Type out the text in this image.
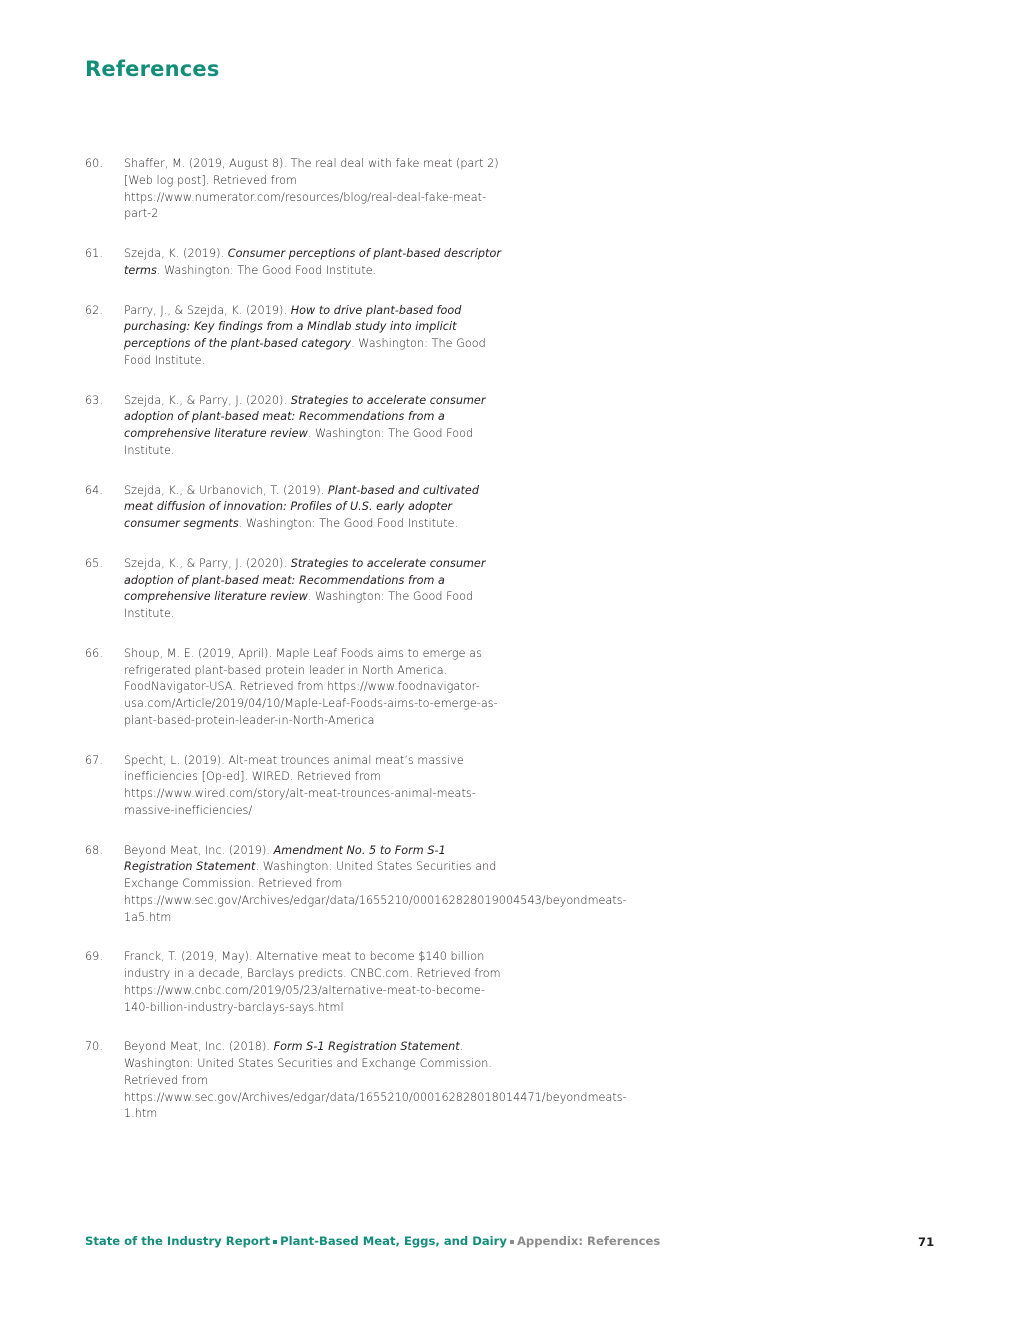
References
60. Shaffer, M. (2019, August 8). The real deal with fake meat (part 2) [Web log post]. Retrieved from https://www.numerator.com/resources/blog/real-deal-fake-meat-part-2
61. Szejda, K. (2019). Consumer perceptions of plant-based descriptor terms. Washington: The Good Food Institute.
62. Parry, J., & Szejda, K. (2019). How to drive plant-based food purchasing: Key findings from a Mindlab study into implicit perceptions of the plant-based category. Washington: The Good Food Institute.
63. Szejda, K., & Parry, J. (2020). Strategies to accelerate consumer adoption of plant-based meat: Recommendations from a comprehensive literature review. Washington: The Good Food Institute.
64. Szejda, K., & Urbanovich, T. (2019). Plant-based and cultivated meat diffusion of innovation: Profiles of U.S. early adopter consumer segments. Washington: The Good Food Institute.
65. Szejda, K., & Parry, J. (2020). Strategies to accelerate consumer adoption of plant-based meat: Recommendations from a comprehensive literature review. Washington: The Good Food Institute.
66. Shoup, M. E. (2019, April). Maple Leaf Foods aims to emerge as refrigerated plant-based protein leader in North America. FoodNavigator-USA. Retrieved from https://www.foodnavigator-usa.com/Article/2019/04/10/Maple-Leaf-Foods-aims-to-emerge-as-plant-based-protein-leader-in-North-America
67. Specht, L. (2019). Alt-meat trounces animal meat’s massive inefficiencies [Op-ed]. WIRED. Retrieved from https://www.wired.com/story/alt-meat-trounces-animal-meats-massive-inefficiencies/
68. Beyond Meat, Inc. (2019). Amendment No. 5 to Form S-1 Registration Statement. Washington: United States Securities and Exchange Commission. Retrieved from https://www.sec.gov/Archives/edgar/data/1655210/000162828019004543/beyondmeats-1a5.htm
69. Franck, T. (2019, May). Alternative meat to become $140 billion industry in a decade, Barclays predicts. CNBC.com. Retrieved from https://www.cnbc.com/2019/05/23/alternative-meat-to-become-140-billion-industry-barclays-says.html
70. Beyond Meat, Inc. (2018). Form S-1 Registration Statement. Washington: United States Securities and Exchange Commission. Retrieved from https://www.sec.gov/Archives/edgar/data/1655210/000162828018014471/beyondmeats-1.htm
State of the Industry Report Plant-Based Meat, Eggs, and Dairy Appendix: References	71
